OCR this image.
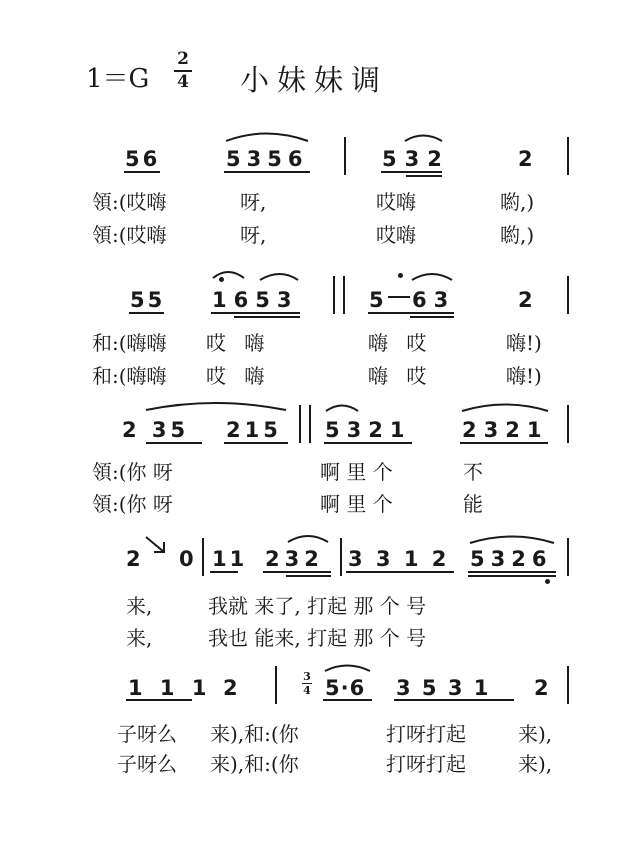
1＝G
2
4 小妹妹调
56	5356	532	2
領:(哎嗨	呀,	哎嗨	喲,)
領:(哎嗨	呀,	哎嗨	喲,)
55 1653	5 63	2
和:(嗨嗨 哎 嗨	嗨 哎	嗨!)
和:(嗨嗨 哎 嗨	嗨 哎	嗨!)
2 35 215 5321 2321
領:(你 呀	啊 里 个	不
領:(你 呀	啊 里 个	能
2 0 11 232 3 3 1 2 5326
来,	我就 来了, 打起 那 个 号
来,	我也 能来, 打起 那 个 号
1 1 1 2	3
4 5·6 3 5 3 1 2
子呀么 来),和:(你	打呀打起	来),
子呀么 来),和:(你	打呀打起	来),
